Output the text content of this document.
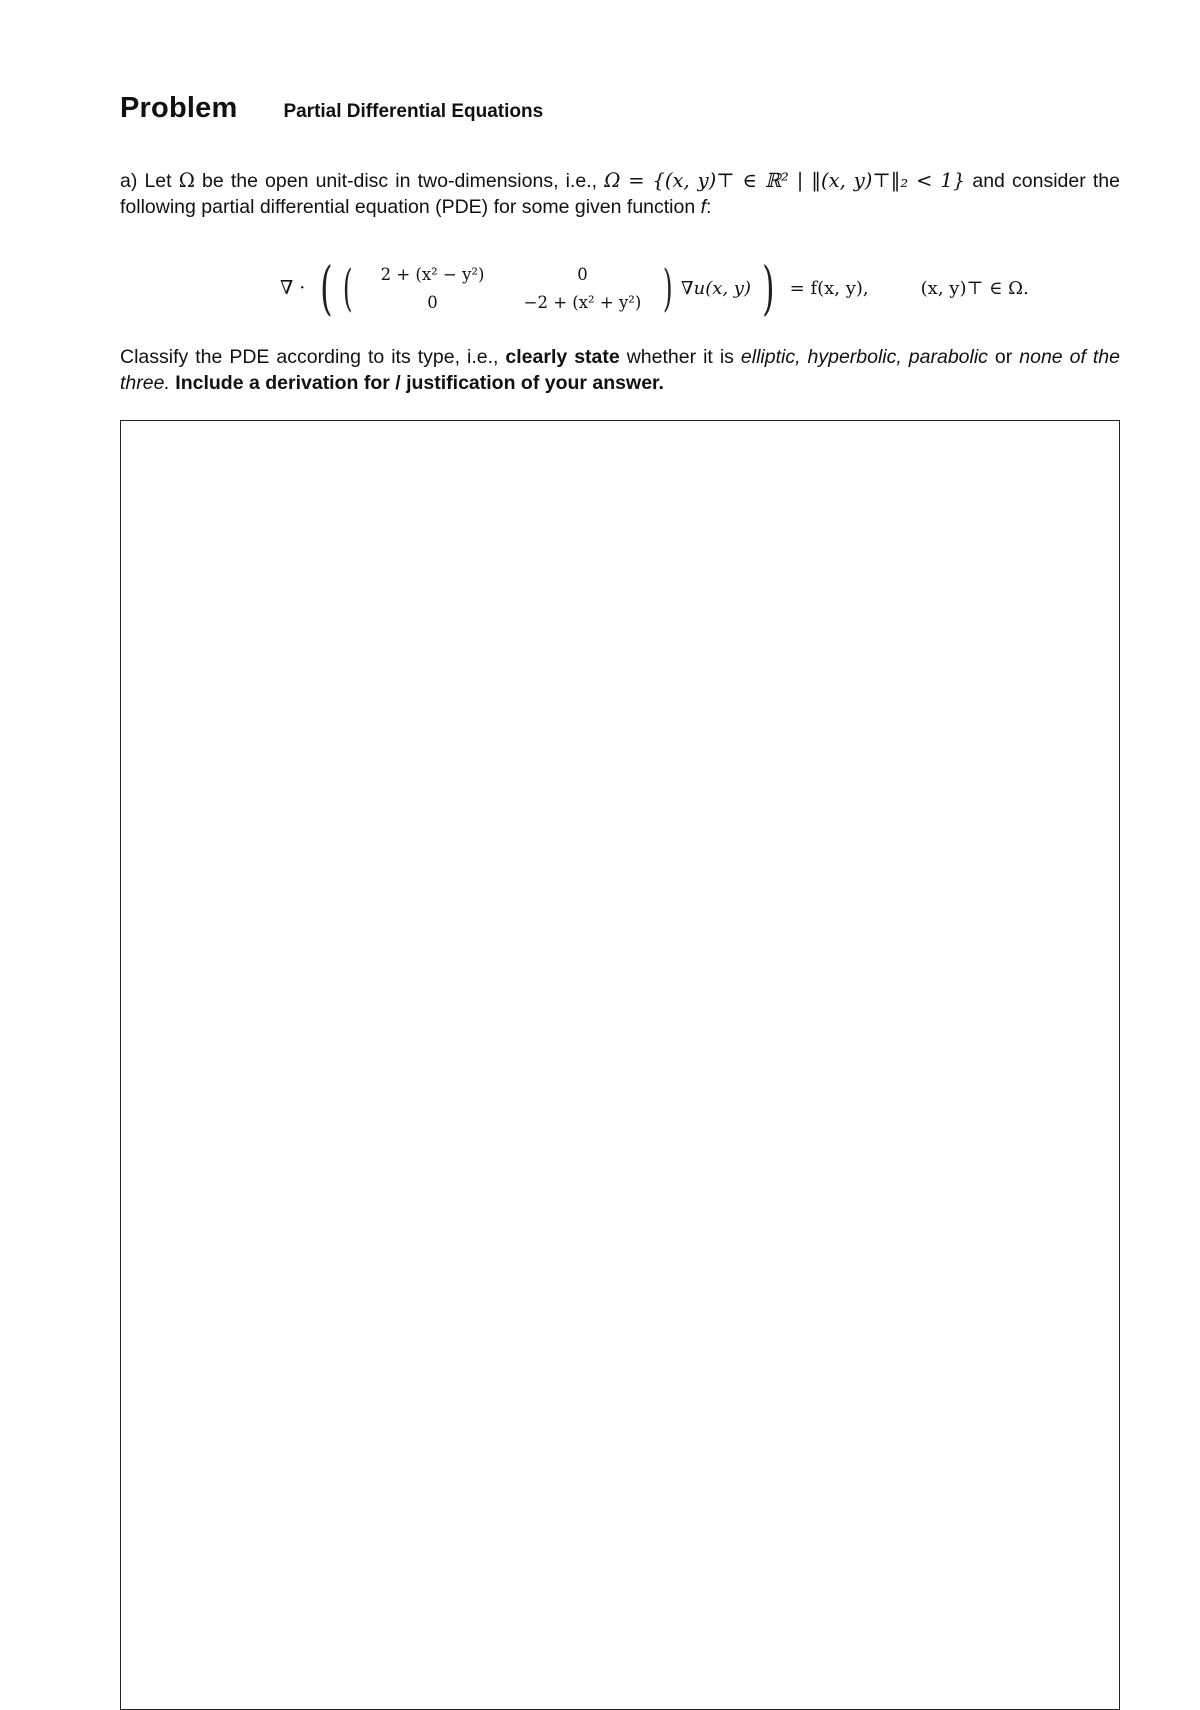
Problem Partial Differential Equations
a) Let Ω be the open unit-disc in two-dimensions, i.e., Ω = {(x, y)⊤ ∈ ℝ² | ‖(x, y)⊤‖₂ < 1} and consider the following partial differential equation (PDE) for some given function f:
∇ · ( ( 2 + (x² − y²)	0
0	−2 + (x² + y²) ) ∇u(x, y) ) = f(x, y),	(x, y)⊤ ∈ Ω.
Classify the PDE according to its type, i.e., clearly state whether it is elliptic, hyperbolic, parabolic or none of the three. Include a derivation for / justification of your answer.
